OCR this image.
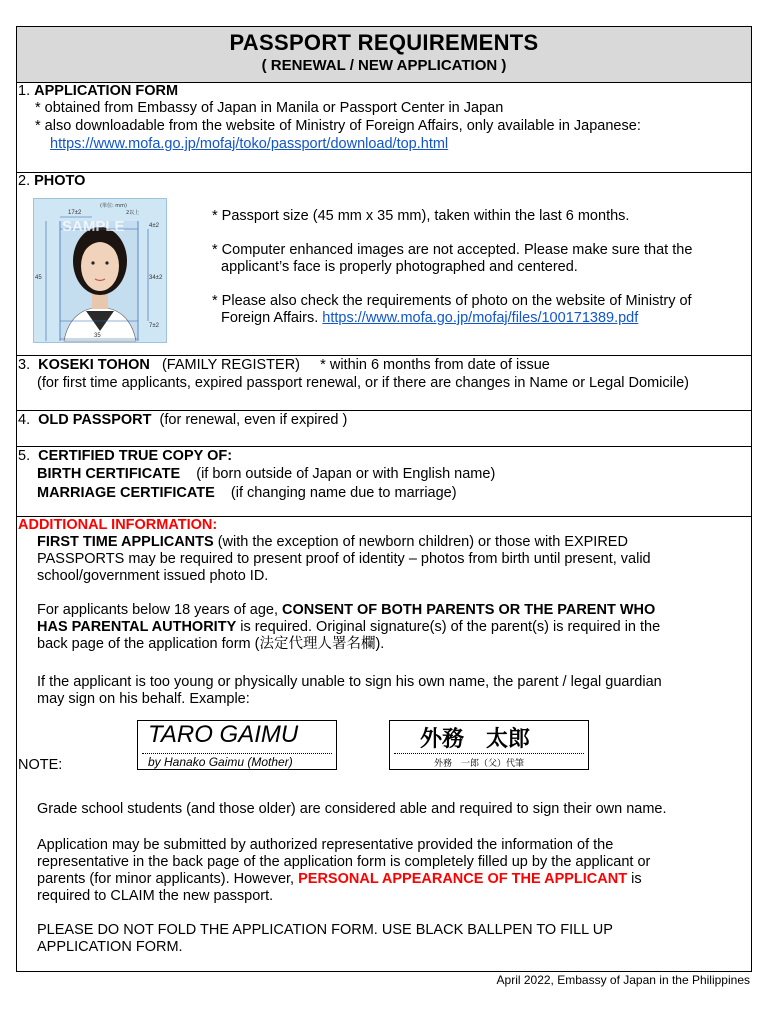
PASSPORT REQUIREMENTS
( RENEWAL / NEW APPLICATION )
1. APPLICATION FORM
* obtained from Embassy of Japan in Manila or Passport Center in Japan
* also downloadable from the website of Ministry of Foreign Affairs, only available in Japanese:
https://www.mofa.go.jp/mofaj/toko/passport/download/top.html
2. PHOTO
SAMPLE
(単位: mm)
17±2	2以上
4±2
45	34±2
7±2
35
* Passport size (45 mm x 35 mm), taken within the last 6 months.
* Computer enhanced images are not accepted. Please make sure that the
applicant’s face is properly photographed and centered.
* Please also check the requirements of photo on the website of Ministry of
Foreign Affairs. https://www.mofa.go.jp/mofaj/files/100171389.pdf
3. KOSEKI TOHON (FAMILY REGISTER) * within 6 months from date of issue
(for first time applicants, expired passport renewal, or if there are changes in Name or Legal Domicile)
4. OLD PASSPORT (for renewal, even if expired )
5. CERTIFIED TRUE COPY OF:
BIRTH CERTIFICATE (if born outside of Japan or with English name)
MARRIAGE CERTIFICATE (if changing name due to marriage)
ADDITIONAL INFORMATION:
FIRST TIME APPLICANTS (with the exception of newborn children) or those with EXPIRED
PASSPORTS may be required to present proof of identity – photos from birth until present, valid
school/government issued photo ID.
For applicants below 18 years of age, CONSENT OF BOTH PARENTS OR THE PARENT WHO
HAS PARENTAL AUTHORITY is required. Original signature(s) of the parent(s) is required in the
back page of the application form (法定代理人署名欄).
If the applicant is too young or physically unable to sign his own name, the parent / legal guardian
may sign on his behalf. Example:
TARO GAIMU
by Hanako Gaimu (Mother)
外務　太郎
外務　一郎（父）代筆
NOTE:
Grade school students (and those older) are considered able and required to sign their own name.
Application may be submitted by authorized representative provided the information of the
representative in the back page of the application form is completely filled up by the applicant or
parents (for minor applicants). However, PERSONAL APPEARANCE OF THE APPLICANT is
required to CLAIM the new passport.
PLEASE DO NOT FOLD THE APPLICATION FORM. USE BLACK BALLPEN TO FILL UP
APPLICATION FORM.
April 2022, Embassy of Japan in the Philippines
